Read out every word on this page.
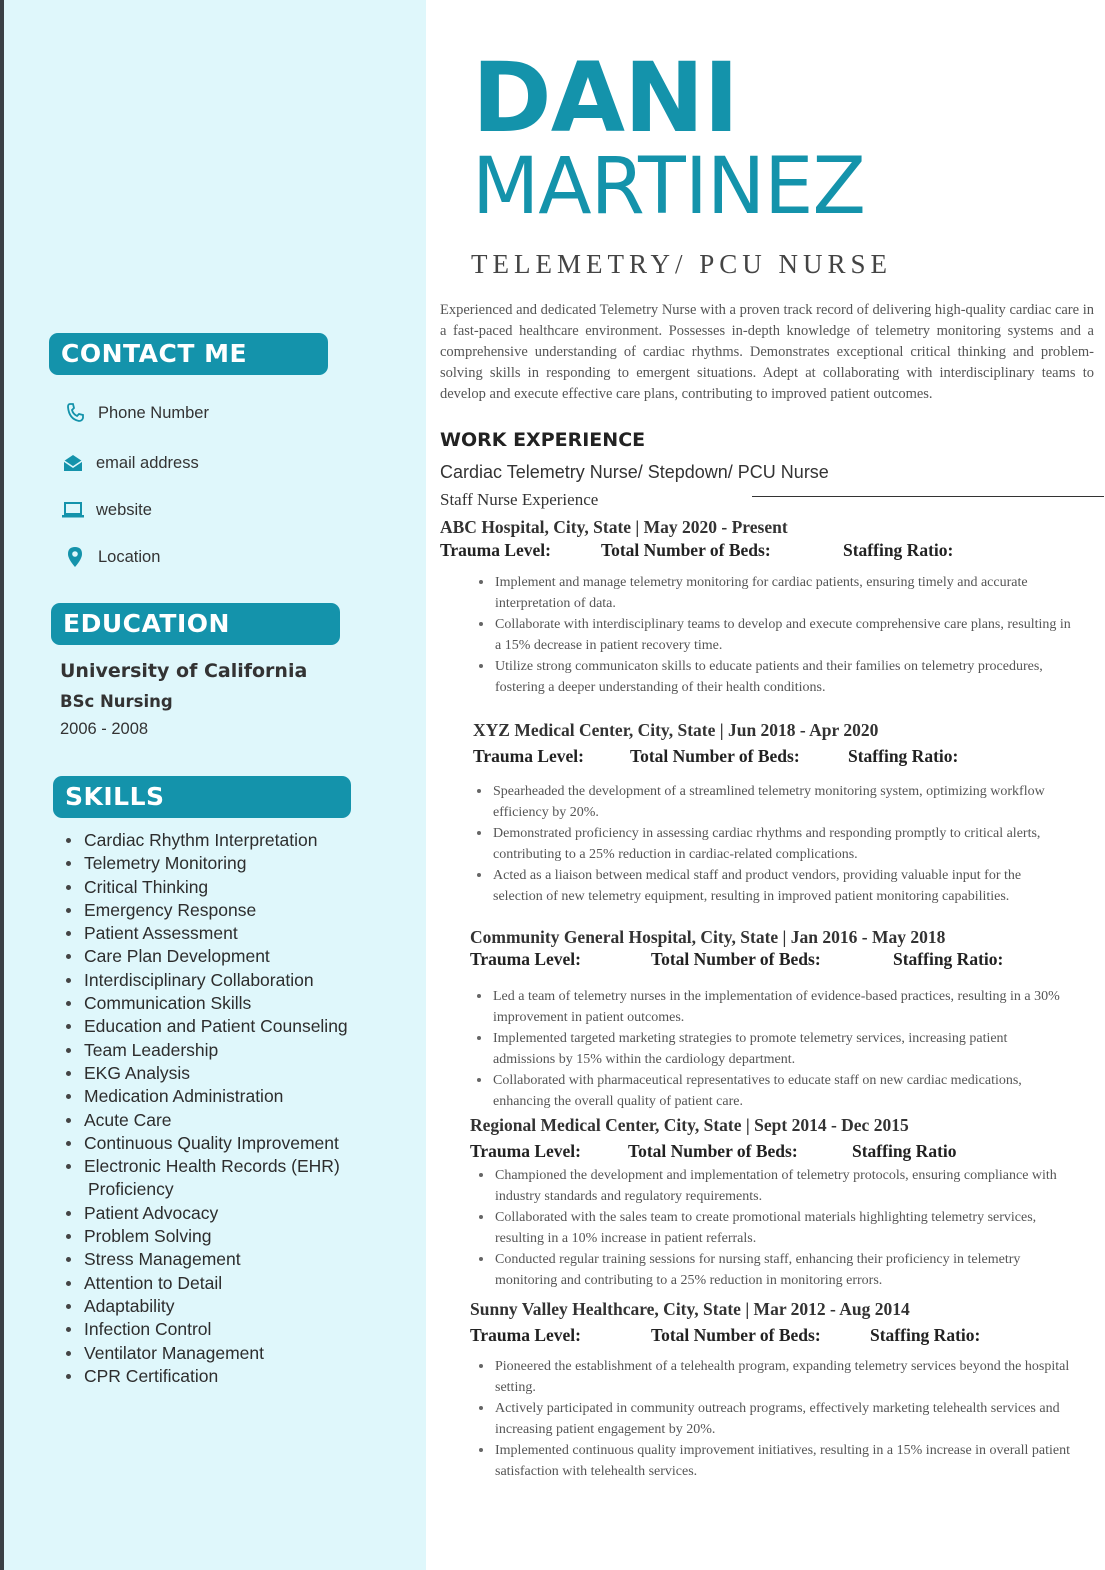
DANI
MARTINEZ
TELEMETRY/ PCU NURSE

Experienced and dedicated Telemetry Nurse with a proven track record of delivering high-quality cardiac care in a fast-paced healthcare environment. Possesses in-depth knowledge of telemetry monitoring systems and a comprehensive understanding of cardiac rhythms. Demonstrates exceptional critical thinking and problem-solving skills in responding to emergent situations. Adept at collaborating with interdisciplinary teams to develop and execute effective care plans, contributing to improved patient outcomes.

CONTACT ME
Phone Number
email address
website
Location
EDUCATION
University of California
BSc Nursing
2006 - 2008
SKILLS
Cardiac Rhythm Interpretation
Telemetry Monitoring
Critical Thinking
Emergency Response
Patient Assessment
Care Plan Development
Interdisciplinary Collaboration
Communication Skills
Education and Patient Counseling
Team Leadership
EKG Analysis
Medication Administration
Acute Care
Continuous Quality Improvement
Electronic Health Records (EHR)
Proficiency
Patient Advocacy
Problem Solving
Stress Management
Attention to Detail
Adaptability
Infection Control
Ventilator Management
CPR Certification
WORK EXPERIENCE
Cardiac Telemetry Nurse/ Stepdown/ PCU Nurse
Staff Nurse Experience
ABC Hospital, City, State | May 2020 - Present
Trauma Level:	Total Number of Beds:	Staffing Ratio:
Implement and manage telemetry monitoring for cardiac patients, ensuring timely and accurate interpretation of data.
Collaborate with interdisciplinary teams to develop and execute comprehensive care plans, resulting in a 15% decrease in patient recovery time.
Utilize strong communicaton skills to educate patients and their families on telemetry procedures, fostering a deeper understanding of their health conditions.
XYZ Medical Center, City, State | Jun 2018 - Apr 2020
Trauma Level:	Total Number of Beds:	Staffing Ratio:
Spearheaded the development of a streamlined telemetry monitoring system, optimizing workflow efficiency by 20%.
Demonstrated proficiency in assessing cardiac rhythms and responding promptly to critical alerts, contributing to a 25% reduction in cardiac-related complications.
Acted as a liaison between medical staff and product vendors, providing valuable input for the selection of new telemetry equipment, resulting in improved patient monitoring capabilities.
Community General Hospital, City, State | Jan 2016 - May 2018
Trauma Level:	Total Number of Beds:	Staffing Ratio:
Led a team of telemetry nurses in the implementation of evidence-based practices, resulting in a 30% improvement in patient outcomes.
Implemented targeted marketing strategies to promote telemetry services, increasing patient admissions by 15% within the cardiology department.
Collaborated with pharmaceutical representatives to educate staff on new cardiac medications, enhancing the overall quality of patient care.
Regional Medical Center, City, State | Sept 2014 - Dec 2015
Trauma Level:	Total Number of Beds:	Staffing Ratio
Championed the development and implementation of telemetry protocols, ensuring compliance with industry standards and regulatory requirements.
Collaborated with the sales team to create promotional materials highlighting telemetry services, resulting in a 10% increase in patient referrals.
Conducted regular training sessions for nursing staff, enhancing their proficiency in telemetry monitoring and contributing to a 25% reduction in monitoring errors.
Sunny Valley Healthcare, City, State | Mar 2012 - Aug 2014
Trauma Level:	Total Number of Beds:	Staffing Ratio:
Pioneered the establishment of a telehealth program, expanding telemetry services beyond the hospital setting.
Actively participated in community outreach programs, effectively marketing telehealth services and increasing patient engagement by 20%.
Implemented continuous quality improvement initiatives, resulting in a 15% increase in overall patient satisfaction with telehealth services.
